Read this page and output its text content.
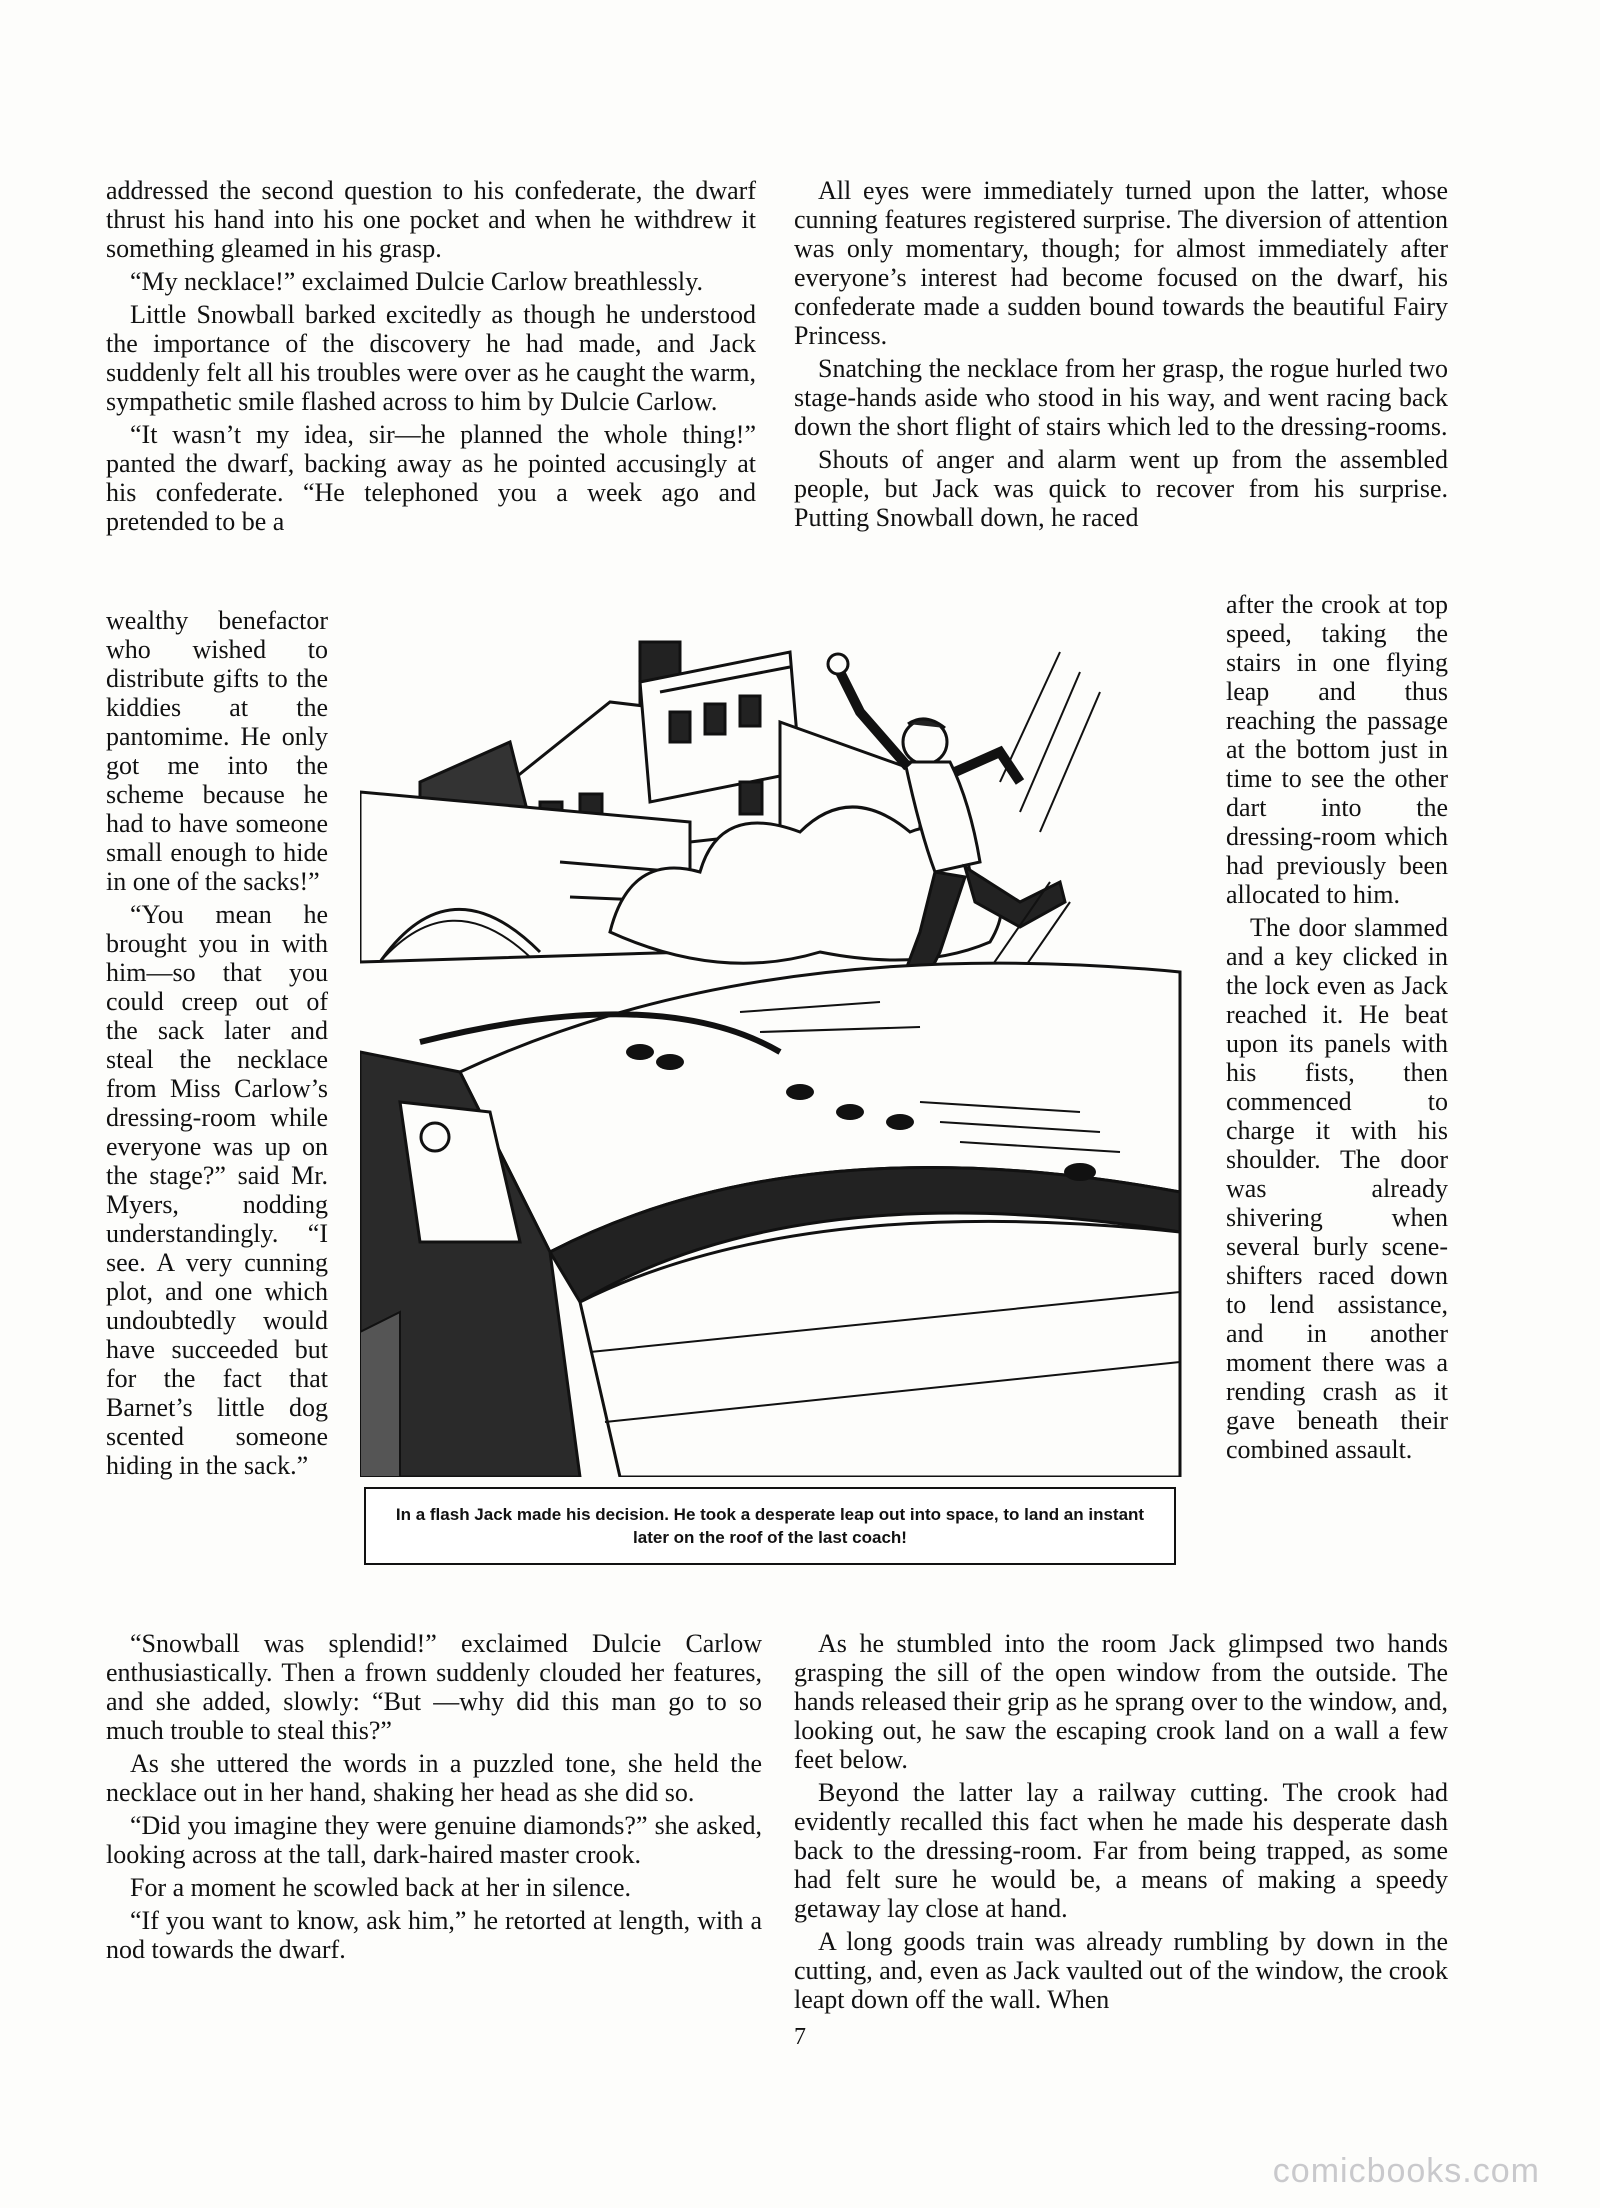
addressed the second question to his confederate, the dwarf thrust his hand into his one pocket and when he withdrew it something gleamed in his grasp.

“My necklace!” exclaimed Dulcie Carlow breathlessly.

Little Snowball barked excitedly as though he understood the importance of the discovery he had made, and Jack suddenly felt all his troubles were over as he caught the warm, sympathetic smile flashed across to him by Dulcie Carlow.

“It wasn’t my idea, sir—he planned the whole thing!” panted the dwarf, backing away as he pointed accusingly at his confederate. “He telephoned you a week ago and pretended to be a

wealthy benefactor who wished to distribute gifts to the kiddies at the pantomime. He only got me into the scheme because he had to have someone small enough to hide in one of the sacks!”

“You mean he brought you in with him—so that you could creep out of the sack later and steal the necklace from Miss Carlow’s dressing-room while everyone was up on the stage?” said Mr. Myers, nodding understandingly. “I see. A very cunning plot, and one which undoubtedly would have succeeded but for the fact that Barnet’s little dog scented someone hiding in the sack.”

“Snowball was splendid!” exclaimed Dulcie Carlow enthusiastically. Then a frown suddenly clouded her features, and she added, slowly: “But —why did this man go to so much trouble to steal this?”

As she uttered the words in a puzzled tone, she held the necklace out in her hand, shaking her head as she did so.

“Did you imagine they were genuine diamonds?” she asked, looking across at the tall, dark-haired master crook.

For a moment he scowled back at her in silence.

“If you want to know, ask him,” he retorted at length, with a nod towards the dwarf.

All eyes were immediately turned upon the latter, whose cunning features registered surprise. The diversion of attention was only momentary, though; for almost immediately after everyone’s interest had become focused on the dwarf, his confederate made a sudden bound towards the beautiful Fairy Princess.

Snatching the necklace from her grasp, the rogue hurled two stage-hands aside who stood in his way, and went racing back down the short flight of stairs which led to the dressing-rooms.

Shouts of anger and alarm went up from the assembled people, but Jack was quick to recover from his surprise. Putting Snowball down, he raced

after the crook at top speed, taking the stairs in one flying leap and thus reaching the passage at the bottom just in time to see the other dart into the dressing-room which had previously been allocated to him.

The door slammed and a key clicked in the lock even as Jack reached it. He beat upon its panels with his fists, then commenced to charge it with his shoulder. The door was already shivering when several burly scene-shifters raced down to lend assistance, and in another moment there was a rending crash as it gave beneath their combined assault.

As he stumbled into the room Jack glimpsed two hands grasping the sill of the open window from the outside. The hands released their grip as he sprang over to the window, and, looking out, he saw the escaping crook land on a wall a few feet below.

Beyond the latter lay a railway cutting. The crook had evidently recalled this fact when he made his desperate dash back to the dressing-room. Far from being trapped, as some had felt sure he would be, a means of making a speedy getaway lay close at hand.

A long goods train was already rumbling by down in the cutting, and, even as Jack vaulted out of the window, the crook leapt down off the wall. When

In a flash Jack made his decision. He took a desperate leap out into space, to land an instant later on the roof of the last coach!
7
comicbooks.com
